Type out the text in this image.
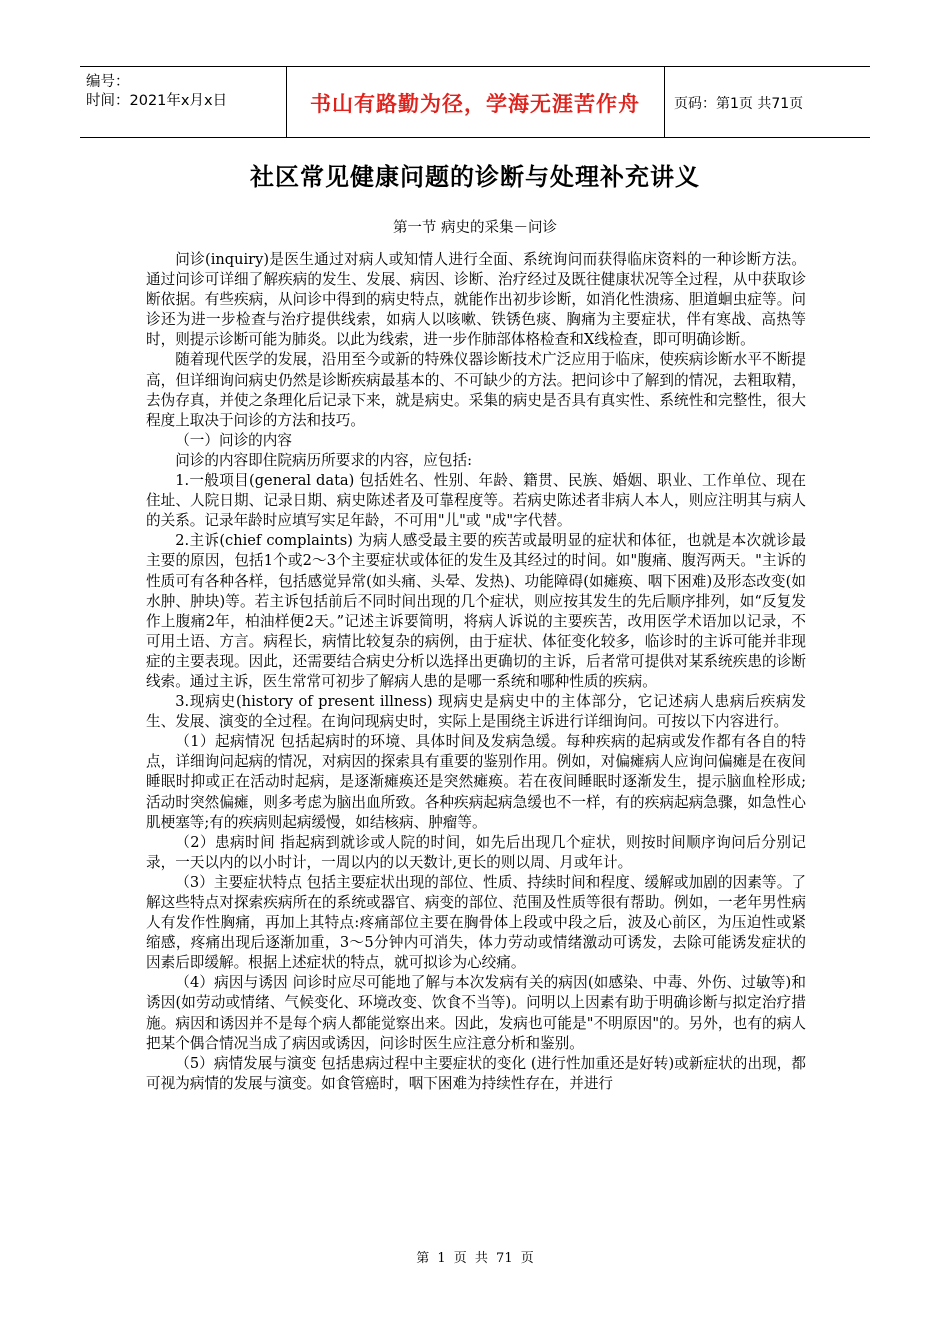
编号：
时间：2021年x月x日	书山有路勤为径，学海无涯苦作舟	页码：第1页 共71页
社区常见健康问题的诊断与处理补充讲义
第一节 病史的采集－问诊

问诊(inquiry)是医生通过对病人或知情人进行全面、系统询问而获得临床资料的一种诊断方法。通过问诊可详细了解疾病的发生、发展、病因、诊断、治疗经过及既往健康状况等全过程，从中获取诊断依据。有些疾病，从问诊中得到的病史特点，就能作出初步诊断，如消化性溃疡、胆道蛔虫症等。问诊还为进一步检查与治疗提供线索，如病人以咳嗽、铁锈色痰、胸痛为主要症状，伴有寒战、高热等时，则提示诊断可能为肺炎。以此为线索，进一步作肺部体格检查和X线检查，即可明确诊断。

随着现代医学的发展，沿用至今或新的特殊仪器诊断技术广泛应用于临床，使疾病诊断水平不断提高，但详细询问病史仍然是诊断疾病最基本的、不可缺少的方法。把问诊中了解到的情况，去粗取精，去伪存真，并使之条理化后记录下来，就是病史。采集的病史是否具有真实性、系统性和完整性，很大程度上取决于问诊的方法和技巧。

（一）问诊的内容

问诊的内容即住院病历所要求的内容，应包括:

1.一般项目(general data) 包括姓名、性别、年龄、籍贯、民族、婚姻、职业、工作单位、现在住址、人院日期、记录日期、病史陈述者及可靠程度等。若病史陈述者非病人本人，则应注明其与病人的关系。记录年龄时应填写实足年龄，不可用"儿"或 "成"字代替。

2.主诉(chief complaints) 为病人感受最主要的疾苦或最明显的症状和体征，也就是本次就诊最主要的原因，包括1个或2～3个主要症状或体征的发生及其经过的时间。如"腹痛、腹泻两天。"主诉的性质可有各种各样，包括感觉异常(如头痛、头晕、发热)、功能障碍(如瘫痪、咽下困难)及形态改变(如水肿、肿块)等。若主诉包括前后不同时间出现的几个症状，则应按其发生的先后顺序排列，如“反复发作上腹痛2年，柏油样便2天。”记述主诉要简明，将病人诉说的主要疾苦，改用医学术语加以记录，不可用土语、方言。病程长，病情比较复杂的病例，由于症状、体征变化较多，临诊时的主诉可能并非现症的主要表现。因此，还需要结合病史分析以选择出更确切的主诉，后者常可提供对某系统疾患的诊断线索。通过主诉，医生常常可初步了解病人患的是哪一系统和哪种性质的疾病。

3.现病史(history of present illness) 现病史是病史中的主体部分，它记述病人患病后疾病发生、发展、演变的全过程。在询问现病史时，实际上是围绕主诉进行详细询问。可按以下内容进行。

（1）起病情况 包括起病时的环境、具体时间及发病急缓。每种疾病的起病或发作都有各自的特点，详细询问起病的情况，对病因的探索具有重要的鉴别作用。例如，对偏瘫病人应询问偏瘫是在夜间睡眠时抑或正在活动时起病，是逐渐瘫痪还是突然瘫痪。若在夜间睡眠时逐渐发生，提示脑血栓形成;活动时突然偏瘫，则多考虑为脑出血所致。各种疾病起病急缓也不一样，有的疾病起病急骤，如急性心肌梗塞等;有的疾病则起病缓慢，如结核病、肿瘤等。

（2）患病时间 指起病到就诊或人院的时间，如先后出现几个症状，则按时间顺序询问后分别记录，一天以内的以小时计，一周以内的以天数计,更长的则以周、月或年计。

（3）主要症状特点 包括主要症状出现的部位、性质、持续时间和程度、缓解或加剧的因素等。了解这些特点对探索疾病所在的系统或器官、病变的部位、范围及性质等很有帮助。例如，一老年男性病人有发作性胸痛，再加上其特点:疼痛部位主要在胸骨体上段或中段之后，波及心前区，为压迫性或紧缩感，疼痛出现后逐渐加重，3～5分钟内可消失，体力劳动或情绪激动可诱发，去除可能诱发症状的因素后即缓解。根据上述症状的特点，就可拟诊为心绞痛。

（4）病因与诱因 问诊时应尽可能地了解与本次发病有关的病因(如感染、中毒、外伤、过敏等)和诱因(如劳动或情绪、气候变化、环境改变、饮食不当等)。问明以上因素有助于明确诊断与拟定治疗措施。病因和诱因并不是每个病人都能觉察出来。因此，发病也可能是"不明原因"的。另外，也有的病人把某个偶合情况当成了病因或诱因，问诊时医生应注意分析和鉴别。

（5）病情发展与演变 包括患病过程中主要症状的变化 (进行性加重还是好转)或新症状的出现，都可视为病情的发展与演变。如食管癌时，咽下困难为持续性存在，并进行

第 1 页 共 71 页
